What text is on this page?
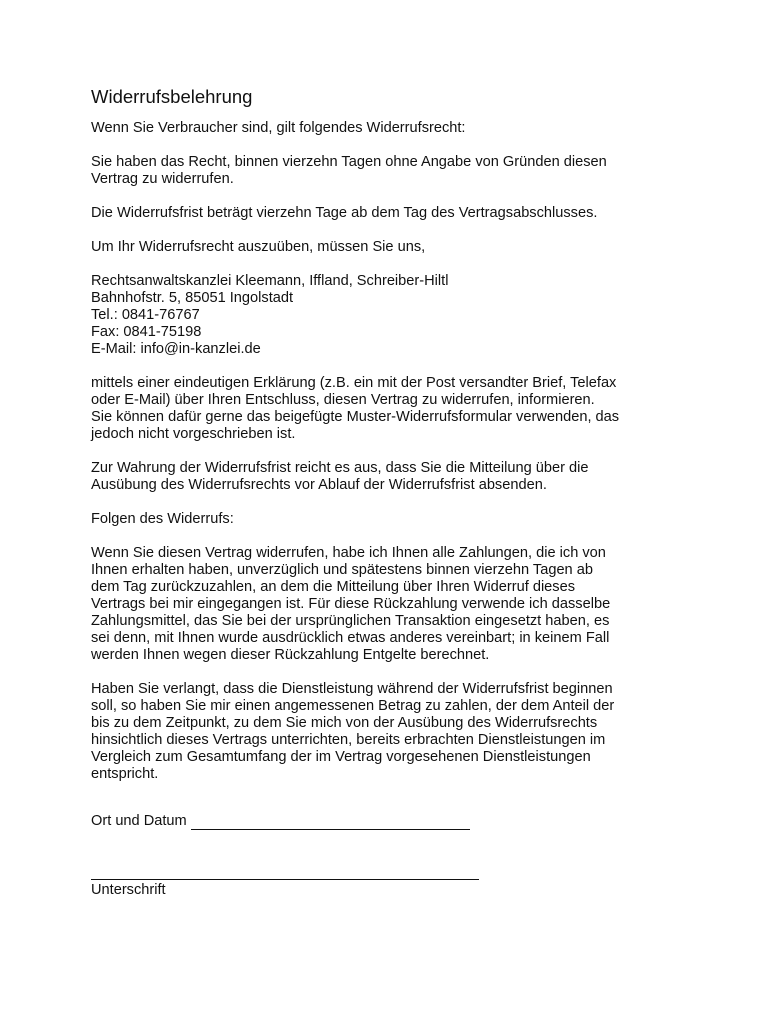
Widerrufsbelehrung

Wenn Sie Verbraucher sind, gilt folgendes Widerrufsrecht:

Sie haben das Recht, binnen vierzehn Tagen ohne Angabe von Gründen diesen
Vertrag zu widerrufen.

Die Widerrufsfrist beträgt vierzehn Tage ab dem Tag des Vertragsabschlusses.

Um Ihr Widerrufsrecht auszuüben, müssen Sie uns,

Rechtsanwaltskanzlei Kleemann, Iffland, Schreiber-Hiltl
Bahnhofstr. 5, 85051 Ingolstadt
Tel.: 0841-76767
Fax: 0841-75198
E-Mail: info@in-kanzlei.de

mittels einer eindeutigen Erklärung (z.B. ein mit der Post versandter Brief, Telefax
oder E-Mail) über Ihren Entschluss, diesen Vertrag zu widerrufen, informieren.
Sie können dafür gerne das beigefügte Muster-Widerrufsformular verwenden, das
jedoch nicht vorgeschrieben ist.

Zur Wahrung der Widerrufsfrist reicht es aus, dass Sie die Mitteilung über die
Ausübung des Widerrufsrechts vor Ablauf der Widerrufsfrist absenden.

Folgen des Widerrufs:

Wenn Sie diesen Vertrag widerrufen, habe ich Ihnen alle Zahlungen, die ich von
Ihnen erhalten haben, unverzüglich und spätestens binnen vierzehn Tagen ab
dem Tag zurückzuzahlen, an dem die Mitteilung über Ihren Widerruf dieses
Vertrags bei mir eingegangen ist. Für diese Rückzahlung verwende ich dasselbe
Zahlungsmittel, das Sie bei der ursprünglichen Transaktion eingesetzt haben, es
sei denn, mit Ihnen wurde ausdrücklich etwas anderes vereinbart; in keinem Fall
werden Ihnen wegen dieser Rückzahlung Entgelte berechnet.

Haben Sie verlangt, dass die Dienstleistung während der Widerrufsfrist beginnen
soll, so haben Sie mir einen angemessenen Betrag zu zahlen, der dem Anteil der
bis zu dem Zeitpunkt, zu dem Sie mich von der Ausübung des Widerrufsrechts
hinsichtlich dieses Vertrags unterrichten, bereits erbrachten Dienstleistungen im
Vergleich zum Gesamtumfang der im Vertrag vorgesehenen Dienstleistungen
entspricht.

Ort und Datum
Unterschrift
